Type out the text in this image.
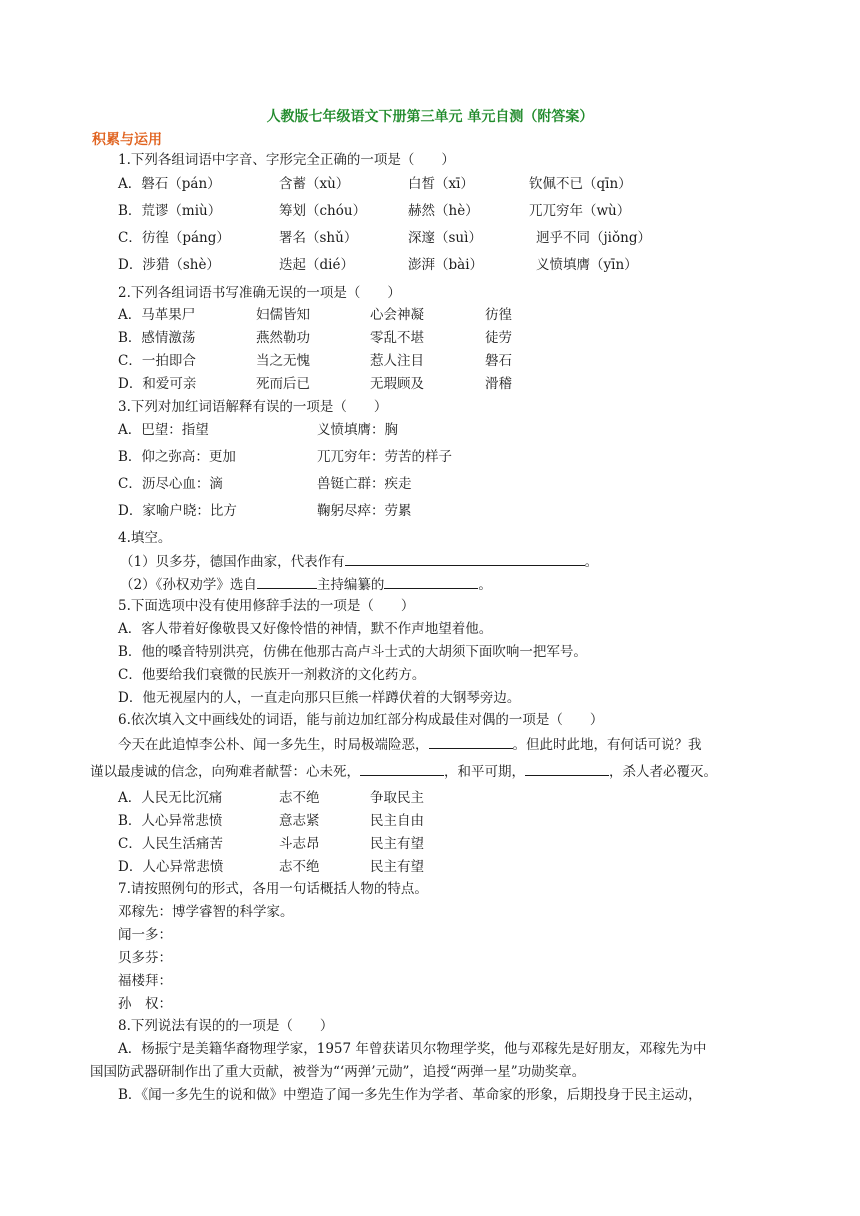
人教版七年级语文下册第三单元 单元自测（附答案）
积累与运用
1.下列各组词语中字音、字形完全正确的一项是（　　）
A．磐石（pán）	含蓄（xù）	白皙（xī）	钦佩不已（qīn）
B．荒谬（miù）	筹划（chóu）	赫然（hè）	兀兀穷年（wù）
C．彷徨（páng）	署名（shǔ）	深邃（suì）	迥乎不同（jiǒng）
D．涉猎（shè）	迭起（dié）	澎湃（bài）	义愤填膺（yīn）
2.下列各组词语书写准确无误的一项是（　　）
A．马革果尸	妇儒皆知	心会神凝	彷徨
B．感情激荡	燕然勒功	零乱不堪	徒劳
C．一拍即合	当之无愧	惹人注目	磐石
D．和爱可亲	死而后已	无瑕顾及	滑稽
3.下列对加红词语解释有误的一项是（　　）
A．巴望：指望	义愤填膺：胸
B．仰之弥高：更加	兀兀穷年：劳苦的样子
C．沥尽心血：滴	兽铤亡群：疾走
D．家喻户晓：比方	鞠躬尽瘁：劳累
4.填空。
（1）贝多芬，德国作曲家，代表作有	。
（2）《孙权劝学》选自	主持编纂的	。
5.下面选项中没有使用修辞手法的一项是（　　）
A．客人带着好像敬畏又好像怜惜的神情，默不作声地望着他。
B．他的嗓音特别洪亮，仿佛在他那古高卢斗士式的大胡须下面吹响一把军号。
C．他要给我们衰微的民族开一剂救济的文化药方。
D．他无视屋内的人，一直走向那只巨熊一样蹲伏着的大钢琴旁边。
6.依次填入文中画线处的词语，能与前边加红部分构成最佳对偶的一项是（　　）
今天在此追悼李公朴、闻一多先生，时局极端险恶，	。但此时此地，有何话可说？我
谨以最虔诚的信念，向殉难者献誓：心未死，	，和平可期，	，杀人者必覆灭。
A．人民无比沉痛	志不绝	争取民主
B．人心异常悲愤	意志紧	民主自由
C．人民生活痛苦	斗志昂	民主有望
D．人心异常悲愤	志不绝	民主有望
7.请按照例句的形式，各用一句话概括人物的特点。
邓稼先：博学睿智的科学家。
闻一多：
贝多芬：
福楼拜：
孙　权：
8.下列说法有误的的一项是（　　）
A．杨振宁是美籍华裔物理学家，1957 年曾获诺贝尔物理学奖，他与邓稼先是好朋友，邓稼先为中
国国防武器研制作出了重大贡献，被誉为“‘两弹’元勋”，追授“两弹一星”功勋奖章。
B．《闻一多先生的说和做》中塑造了闻一多先生作为学者、革命家的形象，后期投身于民主运动，
